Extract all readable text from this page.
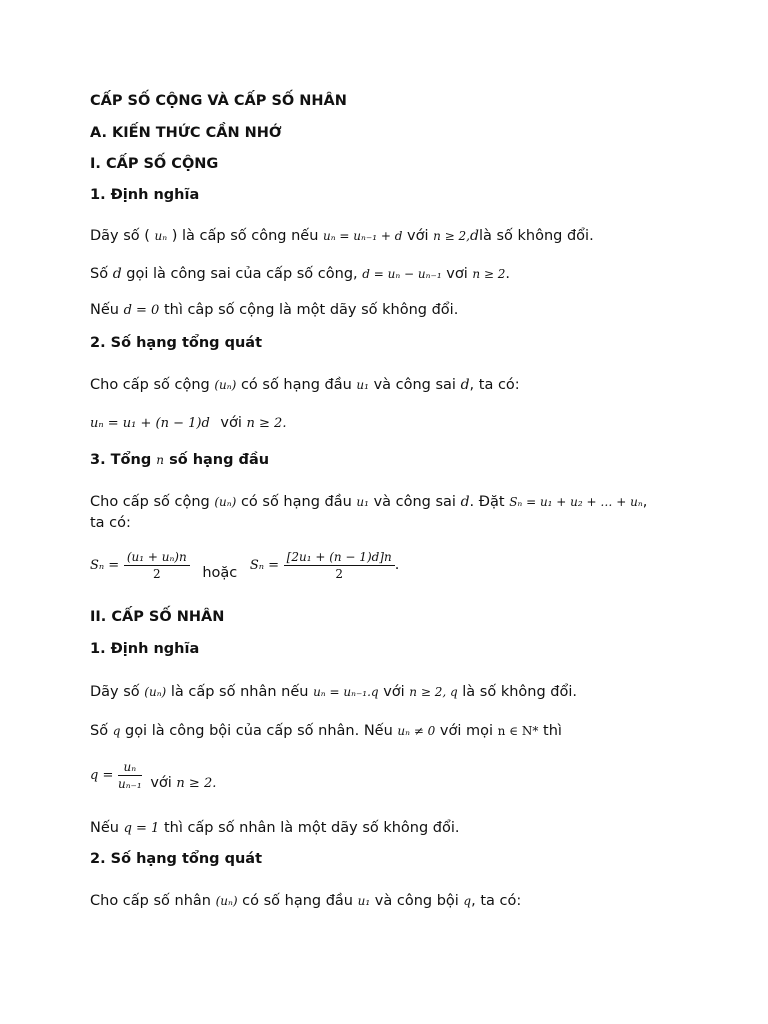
CẤP SỐ CỘNG VÀ CẤP SỐ NHÂN
A. KIẾN THỨC CẦN NHỚ
I. CẤP SỐ CỘNG
1. Định nghĩa
Dãy số ( uₙ ) là cấp số công nếu uₙ = uₙ₋₁ + d với n ≥ 2,dlà số không đổi.
Số d gọi là công sai của cấp số công, d = uₙ − uₙ₋₁ vơi n ≥ 2.
Nếu d = 0 thì câp số cộng là một dãy số không đổi.
2. Số hạng tổng quát
Cho cấp số cộng (uₙ) có số hạng đầu u₁ và công sai d, ta có:
uₙ = u₁ + (n − 1)d với n ≥ 2.
3. Tổng n số hạng đầu
Cho cấp số cộng (uₙ) có số hạng đầu u₁ và công sai d. Đặt Sₙ = u₁ + u₂ + … + uₙ,
ta có:
$S_n = \frac{\text{(u₁ + uₙ)n}}{2}$ hoặc $S_n = \frac{\text{[2u₁ + (n − 1)d]n}}{2}$ .
II. CẤP SỐ NHÂN
1. Định nghĩa
Dãy số (uₙ) là cấp số nhân nếu uₙ = uₙ₋₁.q với n ≥ 2, q là số không đổi.
Số q gọi là công bội của cấp số nhân. Nếu uₙ ≠ 0 với mọi n ∈ N* thì
$q = \frac{\text{uₙ}}{\text{uₙ₋₁}}$ với n ≥ 2.
Nếu q = 1 thì cấp số nhân là một dãy số không đổi.
2. Số hạng tổng quát
Cho cấp số nhân (uₙ) có số hạng đầu u₁ và công bội q, ta có:
